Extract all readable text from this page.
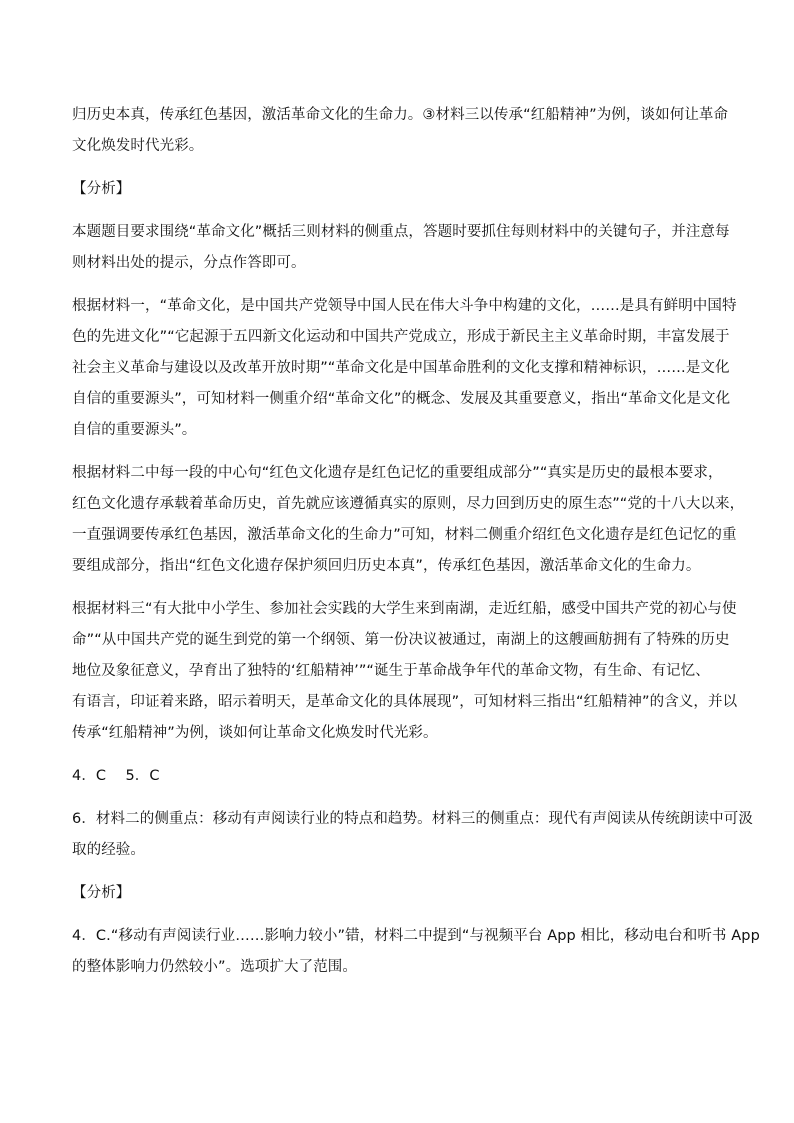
归历史本真，传承红色基因，激活革命文化的生命力。③材料三以传承“红船精神”为例，谈如何让革命
文化焕发时代光彩。
【分析】
本题题目要求围绕“革命文化”概括三则材料的侧重点，答题时要抓住每则材料中的关键句子，并注意每
则材料出处的提示，分点作答即可。
根据材料一，“革命文化，是中国共产党领导中国人民在伟大斗争中构建的文化，……是具有鲜明中国特
色的先进文化”“它起源于五四新文化运动和中国共产党成立，形成于新民主主义革命时期，丰富发展于
社会主义革命与建设以及改革开放时期”“革命文化是中国革命胜利的文化支撑和精神标识，……是文化
自信的重要源头”，可知材料一侧重介绍“革命文化”的概念、发展及其重要意义，指出“革命文化是文化
自信的重要源头”。
根据材料二中每一段的中心句“红色文化遗存是红色记忆的重要组成部分”“真实是历史的最根本要求，
红色文化遗存承载着革命历史，首先就应该遵循真实的原则，尽力回到历史的原生态”“党的十八大以来，
一直强调要传承红色基因，激活革命文化的生命力”可知，材料二侧重介绍红色文化遗存是红色记忆的重
要组成部分，指出“红色文化遗存保护须回归历史本真”，传承红色基因，激活革命文化的生命力。
根据材料三“有大批中小学生、参加社会实践的大学生来到南湖，走近红船，感受中国共产党的初心与使
命”“从中国共产党的诞生到党的第一个纲领、第一份决议被通过，南湖上的这艘画舫拥有了特殊的历史
地位及象征意义，孕育出了独特的‘红船精神’”“诞生于革命战争年代的革命文物，有生命、有记忆、
有语言，印证着来路，昭示着明天，是革命文化的具体展现”，可知材料三指出“红船精神”的含义，并以
传承“红船精神”为例，谈如何让革命文化焕发时代光彩。
4．C　 5．C
6．材料二的侧重点：移动有声阅读行业的特点和趋势。材料三的侧重点：现代有声阅读从传统朗读中可汲
取的经验。
【分析】
4．C.“移动有声阅读行业……影响力较小”错，材料二中提到“与视频平台 App 相比，移动电台和听书 App
的整体影响力仍然较小”。选项扩大了范围。
